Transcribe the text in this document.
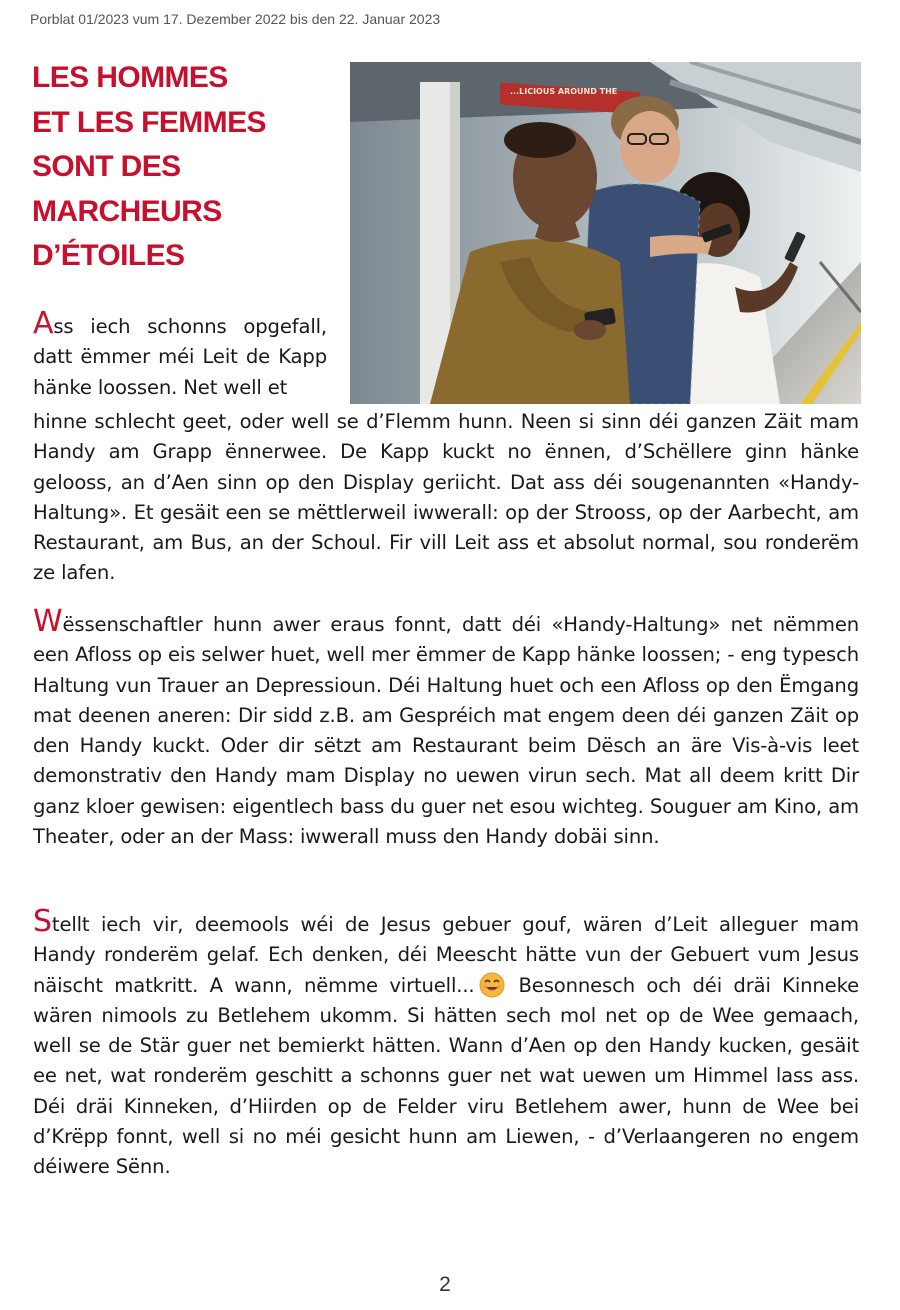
Porblat 01/2023 vum 17. Dezember 2022 bis den 22. Januar 2023
LES HOMMES
ET LES FEMMES
SONT DES
MARCHEURS
D’ÉTOILES
...LICIOUS AROUND THE

Ass iech schonns opgefall, datt ëmmer méi Leit de Kapp hänke loossen. Net well et

hinne schlecht geet, oder well se d’Flemm hunn. Neen si sinn déi ganzen Zäit mam Handy am Grapp ënnerwee. De Kapp kuckt no ënnen, d’Schëllere ginn hänke gelooss, an d’Aen sinn op den Display geriicht. Dat ass déi sougenannten «Handy-Haltung». Et gesäit een se mëttlerweil iwwerall: op der Strooss, op der Aarbecht, am Restaurant, am Bus, an der Schoul. Fir vill Leit ass et absolut normal, sou ronderëm ze lafen.

Wëssenschaftler hunn awer eraus fonnt, datt déi «Handy-Haltung» net nëmmen een Afloss op eis selwer huet, well mer ëmmer de Kapp hänke loossen; - eng typesch Haltung vun Trauer an Depressioun. Déi Haltung huet och een Afloss op den Ëmgang mat deenen aneren: Dir sidd z.B. am Gespréich mat engem deen déi ganzen Zäit op den Handy kuckt. Oder dir sëtzt am Restaurant beim Dësch an äre Vis-à-vis leet demonstrativ den Handy mam Display no uewen virun sech. Mat all deem kritt Dir ganz kloer gewisen: eigentlech bass du guer net esou wichteg. Souguer am Kino, am Theater, oder an der Mass: iwwerall muss den Handy dobäi sinn.

Stellt iech vir, deemools wéi de Jesus gebuer gouf, wären d’Leit alleguer mam Handy ronderëm gelaf. Ech denken, déi Meescht hätte vun der Gebuert vum Jesus näischt matkritt. A wann, nëmme virtuell... Besonnesch och déi dräi Kinneke wären nimools zu Betlehem ukomm. Si hätten sech mol net op de Wee gemaach, well se de Stär guer net bemierkt hätten. Wann d’Aen op den Handy kucken, gesäit ee net, wat ronderëm geschitt a schonns guer net wat uewen um Himmel lass ass. Déi dräi Kinneken, d’Hiirden op de Felder viru Betlehem awer, hunn de Wee bei d’Krëpp fonnt, well si no méi gesicht hunn am Liewen, - d’Verlaangeren no engem déiwere Sënn.

2
